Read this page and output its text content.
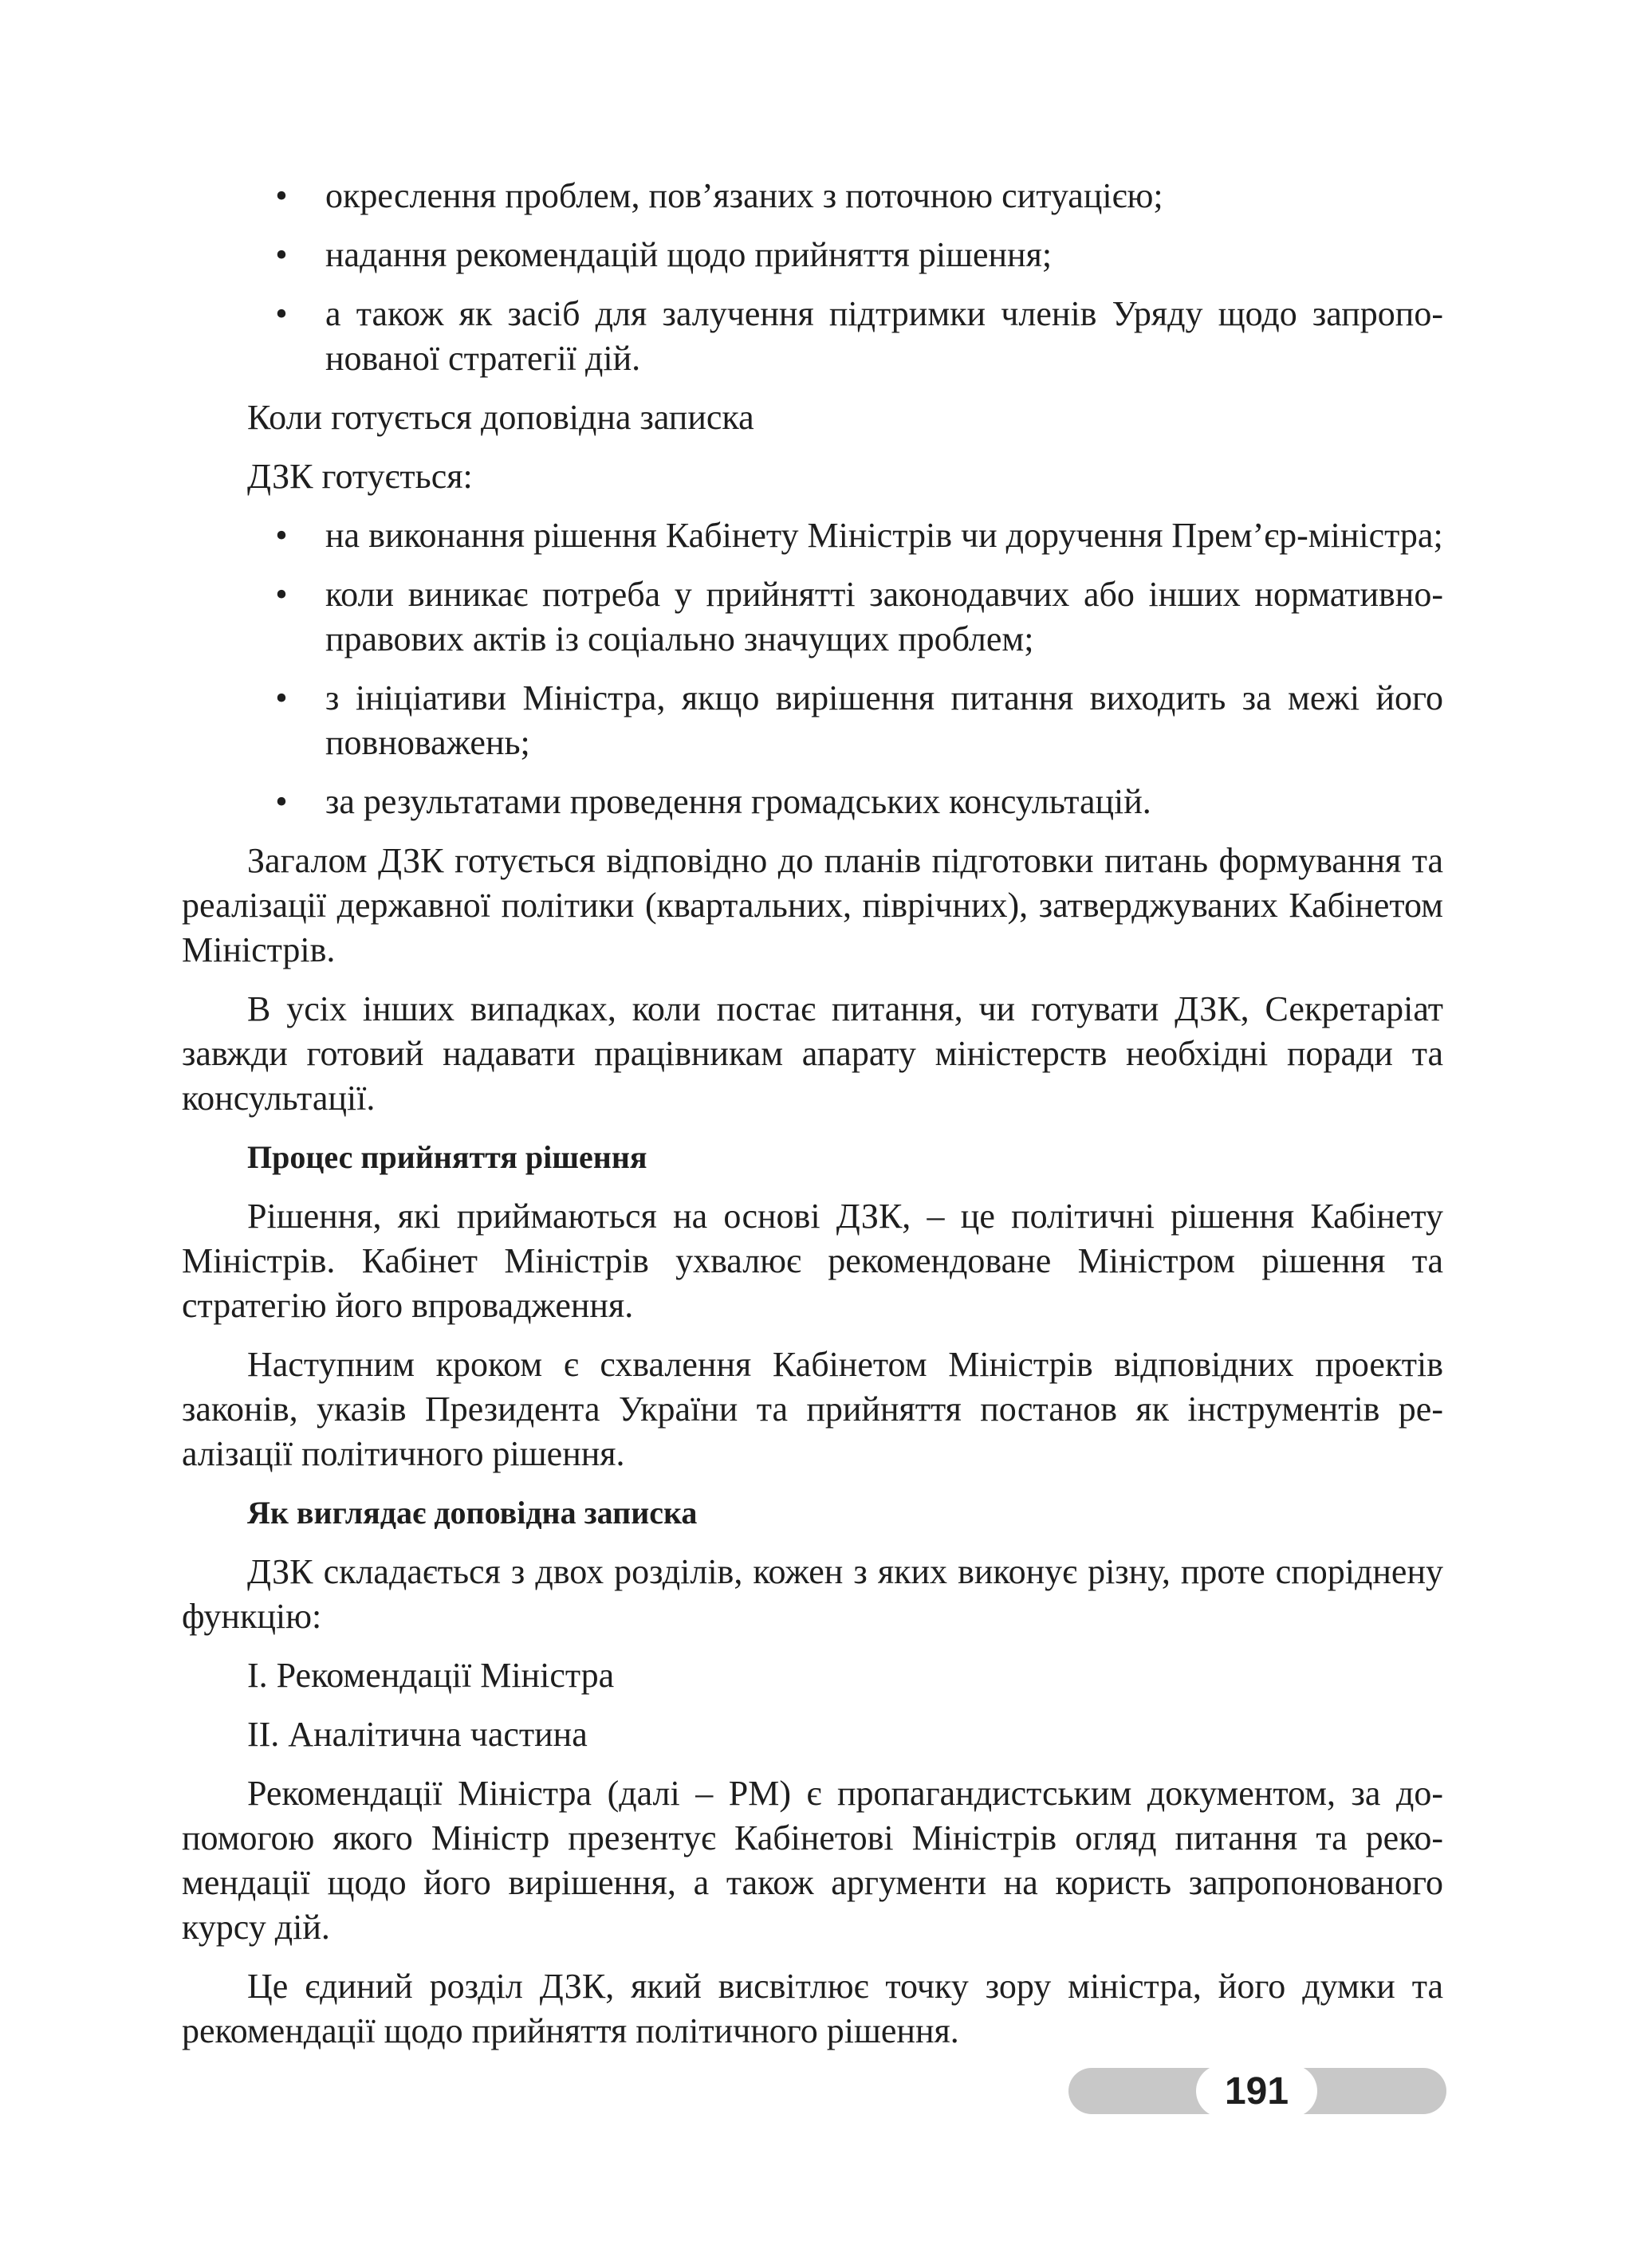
• окреслення проблем, пов’язаних з поточною ситуацією;
• надання рекомендацій щодо прийняття рішення;
• а також як засіб для залучення підтримки членів Уряду щодо запропонованої стратегії дій.

Коли готується доповідна записка

ДЗК готується:

• на виконання рішення Кабінету Міністрів чи доручення Прем’єр-міністра;
• коли виникає потреба у прийнятті законодавчих або інших нормативно-правових актів із соціально значущих проблем;
• з ініціативи Міністра, якщо вирішення питання виходить за межі його повноважень;
• за результатами проведення громадських консультацій.

Загалом ДЗК готується відповідно до планів підготовки питань формування та реалізації державної політики (квартальних, піврічних), затверджуваних Кабінетом Міністрів.

В усіх інших випадках, коли постає питання, чи готувати ДЗК, Секретаріат завжди готовий надавати працівникам апарату міністерств необхідні поради та консультації.

Процес прийняття рішення

Рішення, які приймаються на основі ДЗК, – це політичні рішення Кабінету Міністрів. Кабінет Міністрів ухвалює рекомендоване Міністром рішення та стратегію його впровадження.

Наступним кроком є схвалення Кабінетом Міністрів відповідних проектів законів, указів Президента України та прийняття постанов як інструментів реалізації політичного рішення.

Як виглядає доповідна записка

ДЗК складається з двох розділів, кожен з яких виконує різну, проте споріднену функцію:

I. Рекомендації Міністра

II. Аналітична частина

Рекомендації Міністра (далі – РМ) є пропагандистським документом, за допомогою якого Міністр презентує Кабінетові Міністрів огляд питання та рекомендації щодо його вирішення, а також аргументи на користь запропонованого курсу дій.

Це єдиний розділ ДЗК, який висвітлює точку зору міністра, його думки та рекомендації щодо прийняття політичного рішення.

191
